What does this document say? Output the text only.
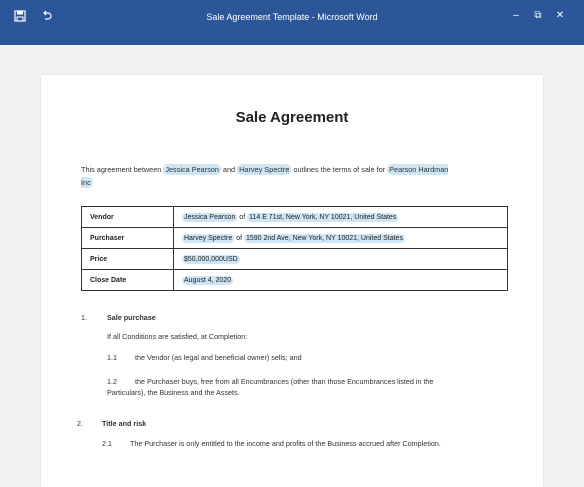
Sale Agreement Template - Microsoft Word	–	⧉ ✕
Sale Agreement
This agreement between Jessica Pearson and Harvey Spectre outlines the terms of sale for Pearson Hardman Inc
Vendor	Jessica Pearson of 114 E 71st, New York, NY 10021, United States
Purchaser	Harvey Spectre of 1590 2nd Ave, New York, NY 10021, United States
Price	$50,000,000USD
Close Date	August 4, 2020
1.	Sale purchase
If all Conditions are satisfied, at Completion:
1.1	the Vendor (as legal and beneficial owner) sells; and
1.2	the Purchaser buys, free from all Encumbrances (other than those Encumbrances listed in the
Particulars), the Business and the Assets.
2.	Title and risk
2.1	The Purchaser is only entitled to the income and profits of the Business accrued after Completion.
